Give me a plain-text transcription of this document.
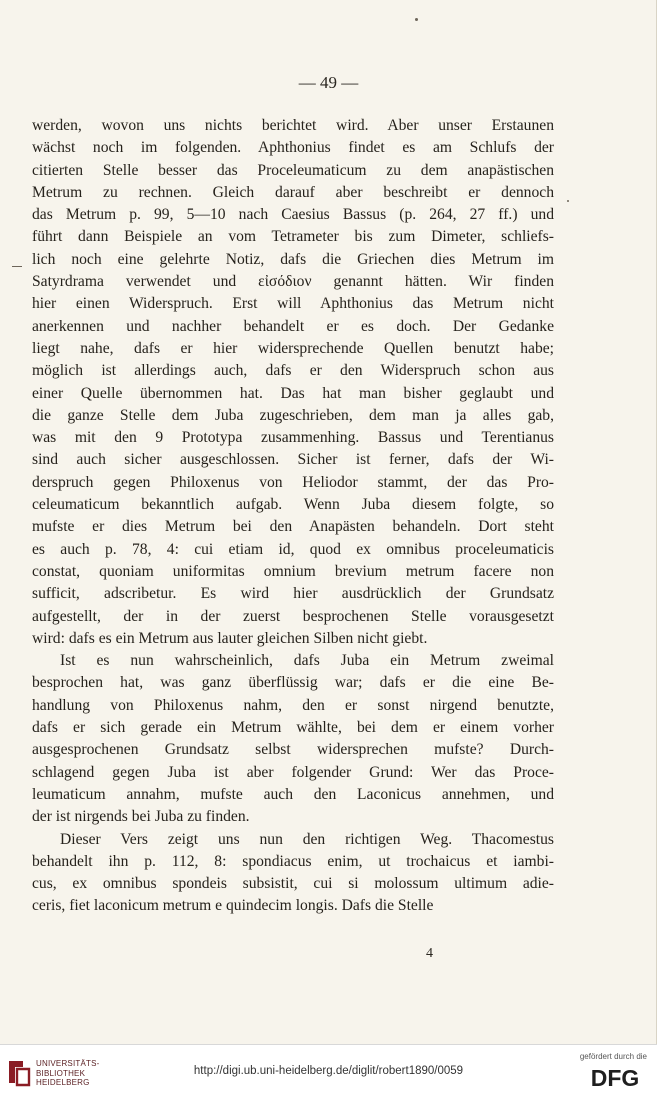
— 49 —
werden, wovon uns nichts berichtet wird. Aber unser Erstaunen
wächst noch im folgenden. Aphthonius findet es am Schlufs der
citierten Stelle besser das Proceleumaticum zu dem anapästischen
Metrum zu rechnen. Gleich darauf aber beschreibt er dennoch
das Metrum p. 99, 5—10 nach Caesius Bassus (p. 264, 27 ff.) und
führt dann Beispiele an vom Tetrameter bis zum Dimeter, schliefs-
lich noch eine gelehrte Notiz, dafs die Griechen dies Metrum im
Satyrdrama verwendet und εἰσόδιον genannt hätten. Wir finden
hier einen Widerspruch. Erst will Aphthonius das Metrum nicht
anerkennen und nachher behandelt er es doch. Der Gedanke
liegt nahe, dafs er hier widersprechende Quellen benutzt habe;
möglich ist allerdings auch, dafs er den Widerspruch schon aus
einer Quelle übernommen hat. Das hat man bisher geglaubt und
die ganze Stelle dem Juba zugeschrieben, dem man ja alles gab,
was mit den 9 Prototypa zusammenhing. Bassus und Terentianus
sind auch sicher ausgeschlossen. Sicher ist ferner, dafs der Wi-
derspruch gegen Philoxenus von Heliodor stammt, der das Pro-
celeumaticum bekanntlich aufgab. Wenn Juba diesem folgte, so
mufste er dies Metrum bei den Anapästen behandeln. Dort steht
es auch p. 78, 4: cui etiam id, quod ex omnibus proceleumaticis
constat, quoniam uniformitas omnium brevium metrum facere non
sufficit, adscribetur. Es wird hier ausdrücklich der Grundsatz
aufgestellt, der in der zuerst besprochenen Stelle vorausgesetzt
wird: dafs es ein Metrum aus lauter gleichen Silben nicht giebt.
Ist es nun wahrscheinlich, dafs Juba ein Metrum zweimal
besprochen hat, was ganz überflüssig war; dafs er die eine Be-
handlung von Philoxenus nahm, den er sonst nirgend benutzte,
dafs er sich gerade ein Metrum wählte, bei dem er einem vorher
ausgesprochenen Grundsatz selbst widersprechen mufste? Durch-
schlagend gegen Juba ist aber folgender Grund: Wer das Proce-
leumaticum annahm, mufste auch den Laconicus annehmen, und
der ist nirgends bei Juba zu finden.
Dieser Vers zeigt uns nun den richtigen Weg. Thacomestus
behandelt ihn p. 112, 8: spondiacus enim, ut trochaicus et iambi-
cus, ex omnibus spondeis subsistit, cui si molossum ultimum adie-
ceris, fiet laconicum metrum e quindecim longis. Dafs die Stelle
4
UNIVERSITÄTS-
BIBLIOTHEK
HEIDELBERG
http://digi.ub.uni-heidelberg.de/diglit/robert1890/0059
gefördert durch die
DFG
